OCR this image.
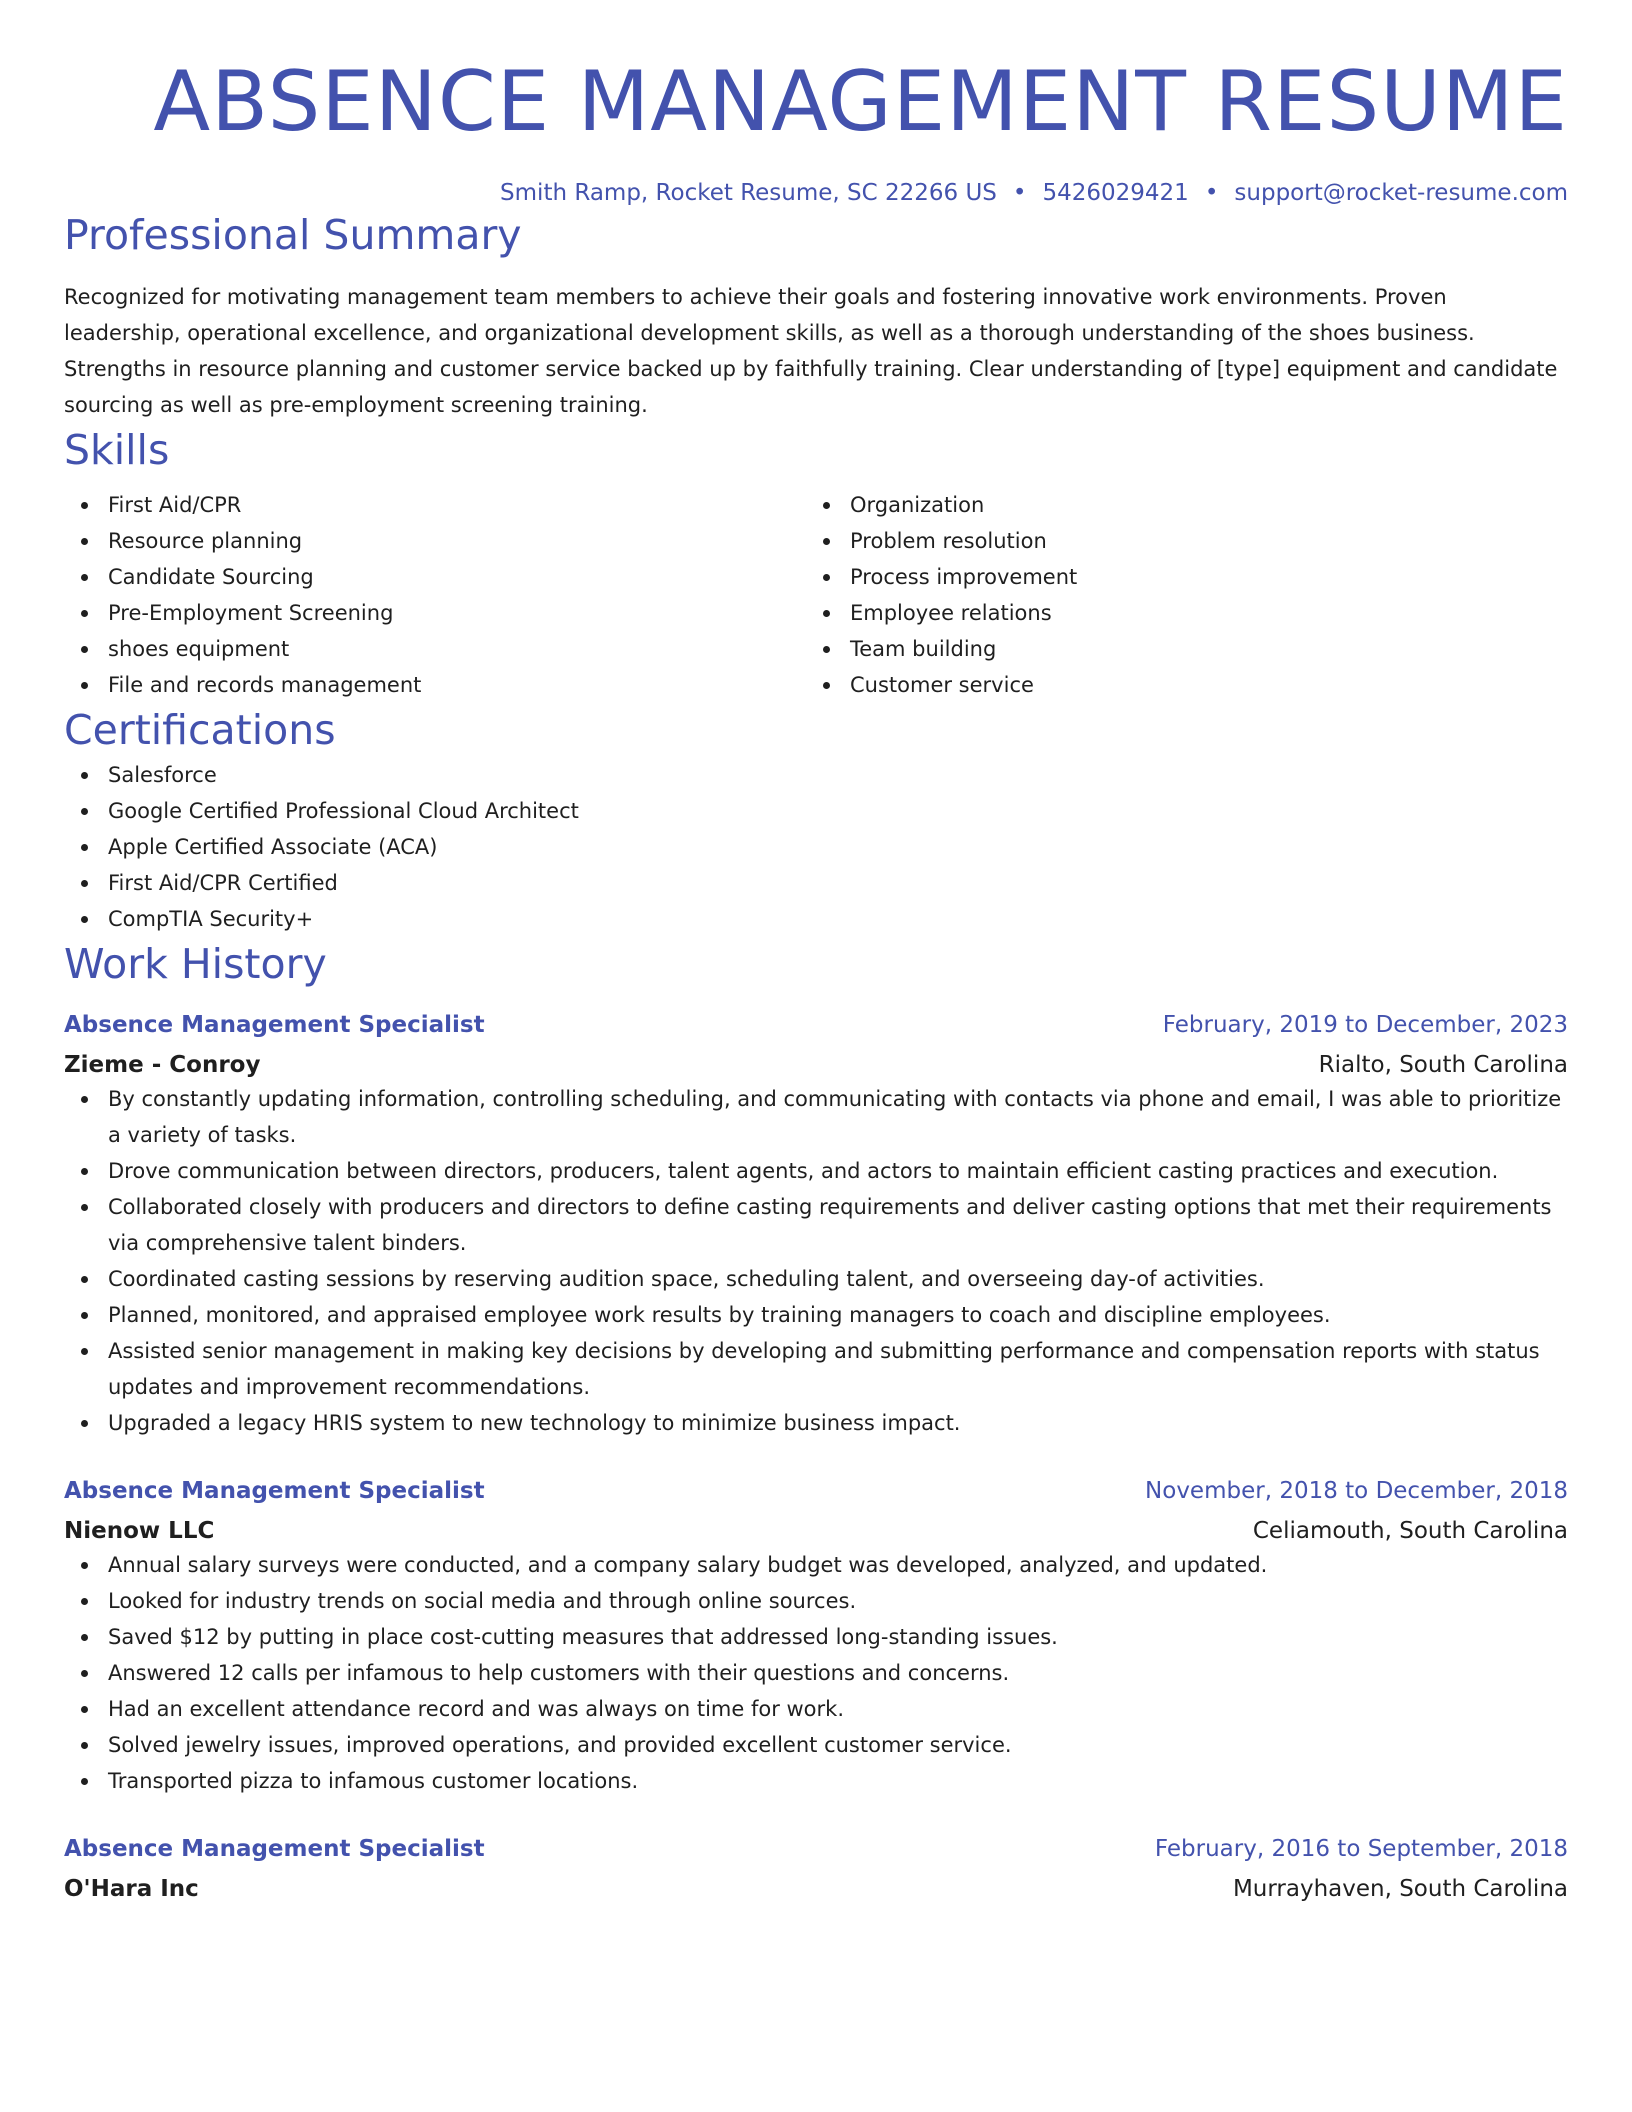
ABSENCE MANAGEMENT RESUME
Smith Ramp, Rocket Resume, SC 22266 US • 5426029421 • support@rocket-resume.com
Professional Summary
Recognized for motivating management team members to achieve their goals and fostering innovative work environments. Proven leadership, operational excellence, and organizational development skills, as well as a thorough understanding of the shoes business. Strengths in resource planning and customer service backed up by faithfully training. Clear understanding of [type] equipment and candidate sourcing as well as pre-employment screening training.
Skills
First Aid/CPR
Resource planning
Candidate Sourcing
Pre-Employment Screening
shoes equipment
File and records management
Organization
Problem resolution
Process improvement
Employee relations
Team building
Customer service
Certifications
Salesforce
Google Certified Professional Cloud Architect
Apple Certified Associate (ACA)
First Aid/CPR Certified
CompTIA Security+
Work History
Absence Management Specialist	February, 2019 to December, 2023
Zieme - Conroy	Rialto, South Carolina
By constantly updating information, controlling scheduling, and communicating with contacts via phone and email, I was able to prioritize a variety of tasks.
Drove communication between directors, producers, talent agents, and actors to maintain efficient casting practices and execution.
Collaborated closely with producers and directors to define casting requirements and deliver casting options that met their requirements via comprehensive talent binders.
Coordinated casting sessions by reserving audition space, scheduling talent, and overseeing day-of activities.
Planned, monitored, and appraised employee work results by training managers to coach and discipline employees.
Assisted senior management in making key decisions by developing and submitting performance and compensation reports with status updates and improvement recommendations.
Upgraded a legacy HRIS system to new technology to minimize business impact.
Absence Management Specialist	November, 2018 to December, 2018
Nienow LLC	Celiamouth, South Carolina
Annual salary surveys were conducted, and a company salary budget was developed, analyzed, and updated.
Looked for industry trends on social media and through online sources.
Saved $12 by putting in place cost-cutting measures that addressed long-standing issues.
Answered 12 calls per infamous to help customers with their questions and concerns.
Had an excellent attendance record and was always on time for work.
Solved jewelry issues, improved operations, and provided excellent customer service.
Transported pizza to infamous customer locations.
Absence Management Specialist	February, 2016 to September, 2018
O'Hara Inc	Murrayhaven, South Carolina
